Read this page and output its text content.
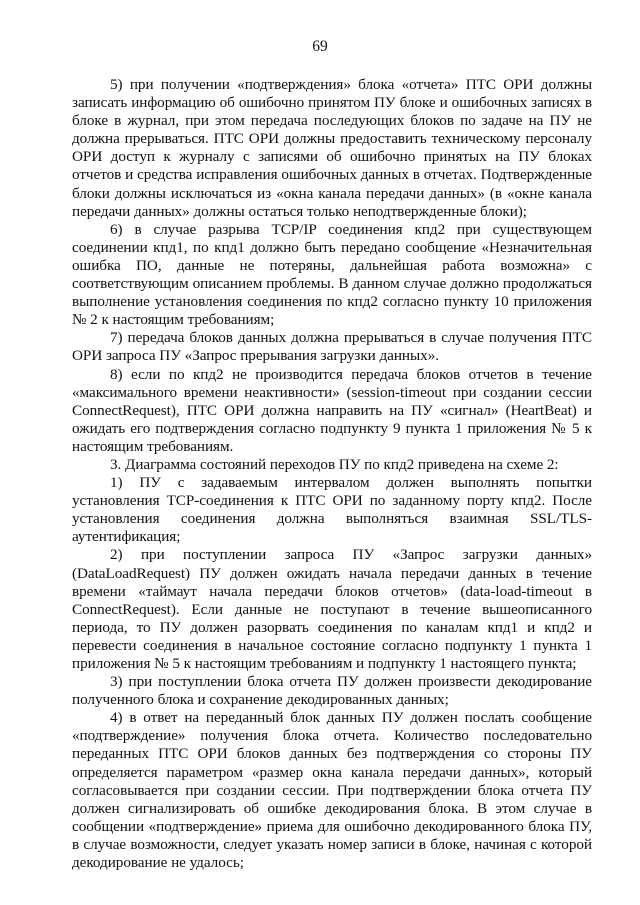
69

5) при получении «подтверждения» блока «отчета» ПТС ОРИ должны записать информацию об ошибочно принятом ПУ блоке и ошибочных записях в блоке в журнал, при этом передача последующих блоков по задаче на ПУ не должна прерываться. ПТС ОРИ должны предоставить техническому персоналу ОРИ доступ к журналу с записями об ошибочно принятых на ПУ блоках отчетов и средства исправления ошибочных данных в отчетах. Подтвержденные блоки должны исключаться из «окна канала передачи данных» (в «окне канала передачи данных» должны остаться только неподтвержденные блоки);

6) в случае разрыва TCP/IP соединения кпд2 при существующем соединении кпд1, по кпд1 должно быть передано сообщение «Незначительная ошибка ПО, данные не потеряны, дальнейшая работа возможна» с соответствующим описанием проблемы. В данном случае должно продолжаться выполнение установления соединения по кпд2 согласно пункту 10 приложения № 2 к настоящим требованиям;

7) передача блоков данных должна прерываться в случае получения ПТС ОРИ запроса ПУ «Запрос прерывания загрузки данных».

8) если по кпд2 не производится передача блоков отчетов в течение «максимального времени неактивности» (session-timeout при создании сессии ConnectRequest), ПТС ОРИ должна направить на ПУ «сигнал» (HeartBeat) и ожидать его подтверждения согласно подпункту 9 пункта 1 приложения № 5 к настоящим требованиям.

3. Диаграмма состояний переходов ПУ по кпд2 приведена на схеме 2:

1) ПУ с задаваемым интервалом должен выполнять попытки установления TCP-соединения к ПТС ОРИ по заданному порту кпд2. После установления соединения должна выполняться взаимная SSL/TLS-аутентификация;

2) при поступлении запроса ПУ «Запрос загрузки данных» (DataLoadRequest) ПУ должен ожидать начала передачи данных в течение времени «таймаут начала передачи блоков отчетов» (data-load-timeout в ConnectRequest). Если данные не поступают в течение вышеописанного периода, то ПУ должен разорвать соединения по каналам кпд1 и кпд2 и перевести соединения в начальное состояние согласно подпункту 1 пункта 1 приложения № 5 к настоящим требованиям и подпункту 1 настоящего пункта;

3) при поступлении блока отчета ПУ должен произвести декодирование полученного блока и сохранение декодированных данных;

4) в ответ на переданный блок данных ПУ должен послать сообщение «подтверждение» получения блока отчета. Количество последовательно переданных ПТС ОРИ блоков данных без подтверждения со стороны ПУ определяется параметром «размер окна канала передачи данных», который согласовывается при создании сессии. При подтверждении блока отчета ПУ должен сигнализировать об ошибке декодирования блока. В этом случае в сообщении «подтверждение» приема для ошибочно декодированного блока ПУ, в случае возможности, следует указать номер записи в блоке, начиная с которой декодирование не удалось;
